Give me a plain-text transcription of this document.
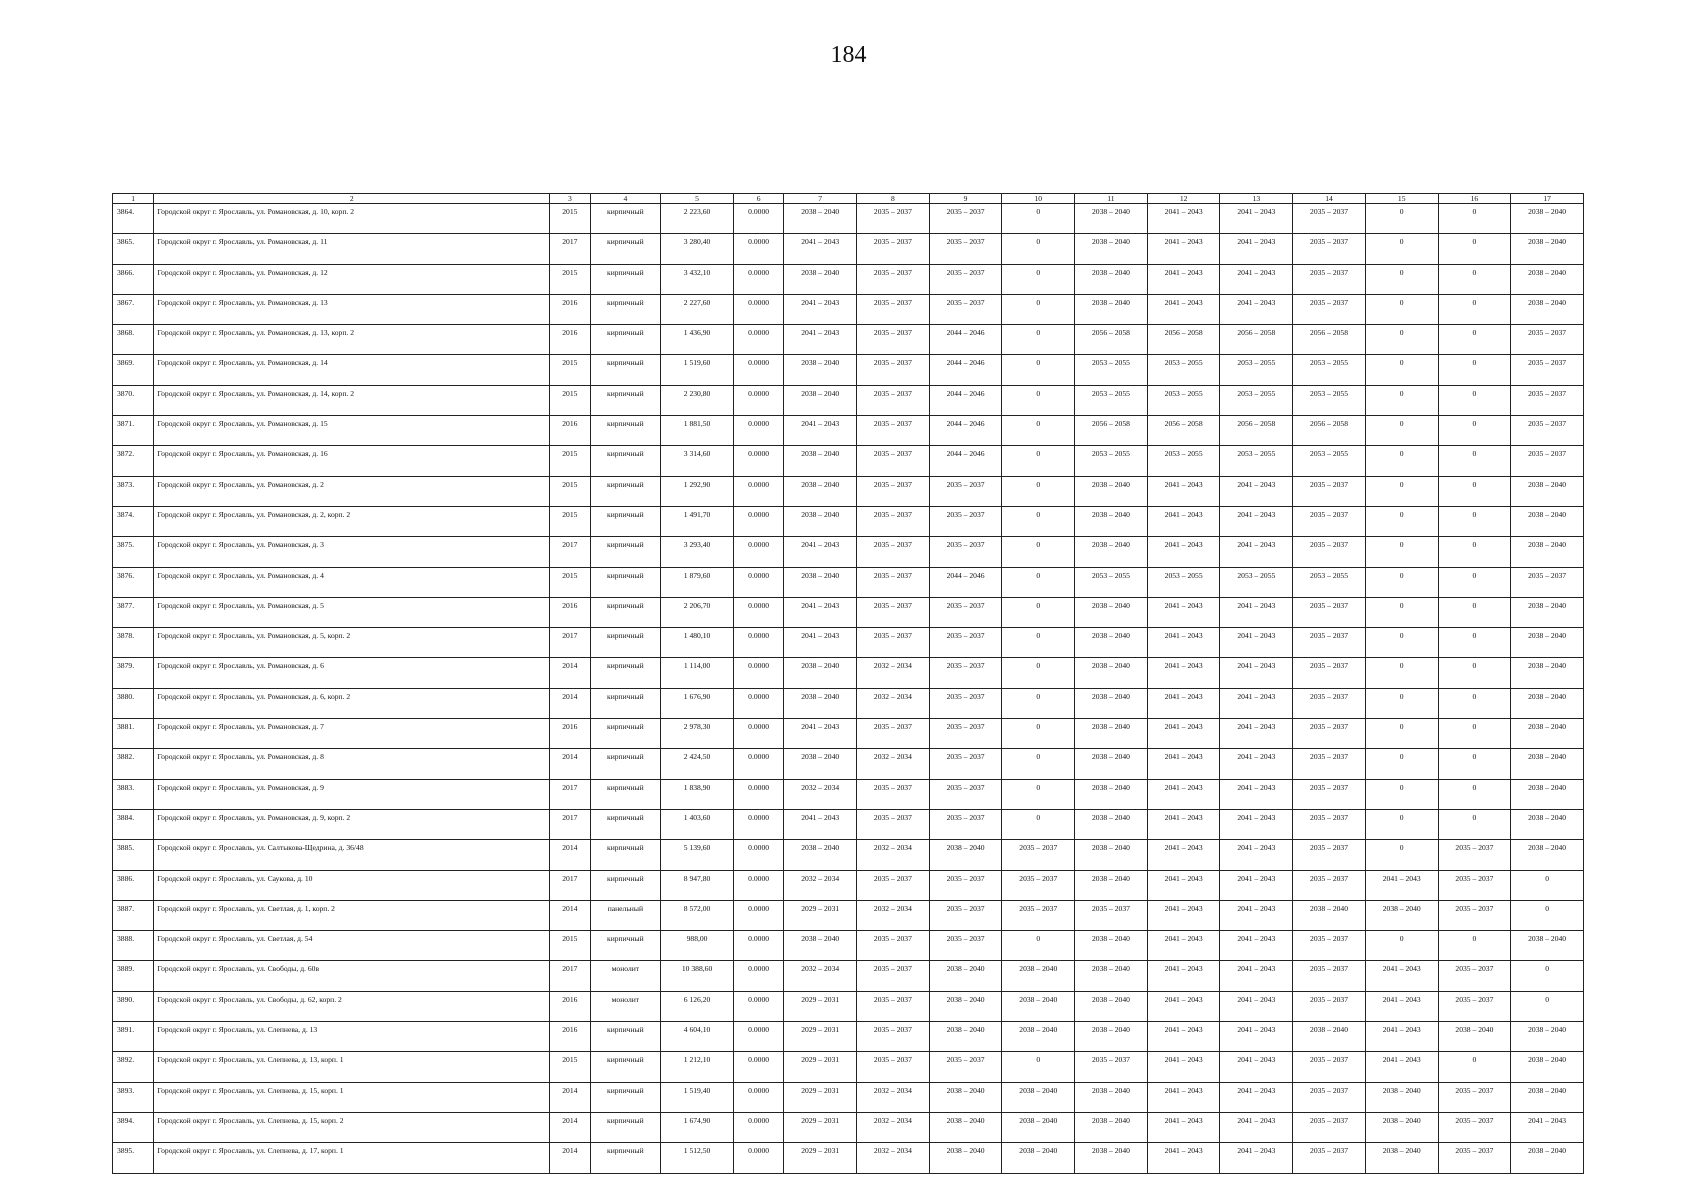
184
1	2	3	4	5	6	7	8	9	10	11	12	13	14	15	16	17
3864.	Городской округ г. Ярославль, ул. Романовская, д. 10, корп. 2	2015	кирпичный	2 223,60	0.0000	2038 – 2040	2035 – 2037	2035 – 2037	0	2038 – 2040	2041 – 2043	2041 – 2043	2035 – 2037	0	0	2038 – 2040
3865.	Городской округ г. Ярославль, ул. Романовская, д. 11	2017	кирпичный	3 280,40	0.0000	2041 – 2043	2035 – 2037	2035 – 2037	0	2038 – 2040	2041 – 2043	2041 – 2043	2035 – 2037	0	0	2038 – 2040
3866.	Городской округ г. Ярославль, ул. Романовская, д. 12	2015	кирпичный	3 432,10	0.0000	2038 – 2040	2035 – 2037	2035 – 2037	0	2038 – 2040	2041 – 2043	2041 – 2043	2035 – 2037	0	0	2038 – 2040
3867.	Городской округ г. Ярославль, ул. Романовская, д. 13	2016	кирпичный	2 227,60	0.0000	2041 – 2043	2035 – 2037	2035 – 2037	0	2038 – 2040	2041 – 2043	2041 – 2043	2035 – 2037	0	0	2038 – 2040
3868.	Городской округ г. Ярославль, ул. Романовская, д. 13, корп. 2	2016	кирпичный	1 436,90	0.0000	2041 – 2043	2035 – 2037	2044 – 2046	0	2056 – 2058	2056 – 2058	2056 – 2058	2056 – 2058	0	0	2035 – 2037
3869.	Городской округ г. Ярославль, ул. Романовская, д. 14	2015	кирпичный	1 519,60	0.0000	2038 – 2040	2035 – 2037	2044 – 2046	0	2053 – 2055	2053 – 2055	2053 – 2055	2053 – 2055	0	0	2035 – 2037
3870.	Городской округ г. Ярославль, ул. Романовская, д. 14, корп. 2	2015	кирпичный	2 230,80	0.0000	2038 – 2040	2035 – 2037	2044 – 2046	0	2053 – 2055	2053 – 2055	2053 – 2055	2053 – 2055	0	0	2035 – 2037
3871.	Городской округ г. Ярославль, ул. Романовская, д. 15	2016	кирпичный	1 881,50	0.0000	2041 – 2043	2035 – 2037	2044 – 2046	0	2056 – 2058	2056 – 2058	2056 – 2058	2056 – 2058	0	0	2035 – 2037
3872.	Городской округ г. Ярославль, ул. Романовская, д. 16	2015	кирпичный	3 314,60	0.0000	2038 – 2040	2035 – 2037	2044 – 2046	0	2053 – 2055	2053 – 2055	2053 – 2055	2053 – 2055	0	0	2035 – 2037
3873.	Городской округ г. Ярославль, ул. Романовская, д. 2	2015	кирпичный	1 292,90	0.0000	2038 – 2040	2035 – 2037	2035 – 2037	0	2038 – 2040	2041 – 2043	2041 – 2043	2035 – 2037	0	0	2038 – 2040
3874.	Городской округ г. Ярославль, ул. Романовская, д. 2, корп. 2	2015	кирпичный	1 491,70	0.0000	2038 – 2040	2035 – 2037	2035 – 2037	0	2038 – 2040	2041 – 2043	2041 – 2043	2035 – 2037	0	0	2038 – 2040
3875.	Городской округ г. Ярославль, ул. Романовская, д. 3	2017	кирпичный	3 293,40	0.0000	2041 – 2043	2035 – 2037	2035 – 2037	0	2038 – 2040	2041 – 2043	2041 – 2043	2035 – 2037	0	0	2038 – 2040
3876.	Городской округ г. Ярославль, ул. Романовская, д. 4	2015	кирпичный	1 879,60	0.0000	2038 – 2040	2035 – 2037	2044 – 2046	0	2053 – 2055	2053 – 2055	2053 – 2055	2053 – 2055	0	0	2035 – 2037
3877.	Городской округ г. Ярославль, ул. Романовская, д. 5	2016	кирпичный	2 206,70	0.0000	2041 – 2043	2035 – 2037	2035 – 2037	0	2038 – 2040	2041 – 2043	2041 – 2043	2035 – 2037	0	0	2038 – 2040
3878.	Городской округ г. Ярославль, ул. Романовская, д. 5, корп. 2	2017	кирпичный	1 480,10	0.0000	2041 – 2043	2035 – 2037	2035 – 2037	0	2038 – 2040	2041 – 2043	2041 – 2043	2035 – 2037	0	0	2038 – 2040
3879.	Городской округ г. Ярославль, ул. Романовская, д. 6	2014	кирпичный	1 114,00	0.0000	2038 – 2040	2032 – 2034	2035 – 2037	0	2038 – 2040	2041 – 2043	2041 – 2043	2035 – 2037	0	0	2038 – 2040
3880.	Городской округ г. Ярославль, ул. Романовская, д. 6, корп. 2	2014	кирпичный	1 676,90	0.0000	2038 – 2040	2032 – 2034	2035 – 2037	0	2038 – 2040	2041 – 2043	2041 – 2043	2035 – 2037	0	0	2038 – 2040
3881.	Городской округ г. Ярославль, ул. Романовская, д. 7	2016	кирпичный	2 978,30	0.0000	2041 – 2043	2035 – 2037	2035 – 2037	0	2038 – 2040	2041 – 2043	2041 – 2043	2035 – 2037	0	0	2038 – 2040
3882.	Городской округ г. Ярославль, ул. Романовская, д. 8	2014	кирпичный	2 424,50	0.0000	2038 – 2040	2032 – 2034	2035 – 2037	0	2038 – 2040	2041 – 2043	2041 – 2043	2035 – 2037	0	0	2038 – 2040
3883.	Городской округ г. Ярославль, ул. Романовская, д. 9	2017	кирпичный	1 838,90	0.0000	2032 – 2034	2035 – 2037	2035 – 2037	0	2038 – 2040	2041 – 2043	2041 – 2043	2035 – 2037	0	0	2038 – 2040
3884.	Городской округ г. Ярославль, ул. Романовская, д. 9, корп. 2	2017	кирпичный	1 403,60	0.0000	2041 – 2043	2035 – 2037	2035 – 2037	0	2038 – 2040	2041 – 2043	2041 – 2043	2035 – 2037	0	0	2038 – 2040
3885.	Городской округ г. Ярославль, ул. Салтыкова-Щедрина, д. 36/48	2014	кирпичный	5 139,60	0.0000	2038 – 2040	2032 – 2034	2038 – 2040	2035 – 2037	2038 – 2040	2041 – 2043	2041 – 2043	2035 – 2037	0	2035 – 2037	2038 – 2040
3886.	Городской округ г. Ярославль, ул. Саукова, д. 10	2017	кирпичный	8 947,80	0.0000	2032 – 2034	2035 – 2037	2035 – 2037	2035 – 2037	2038 – 2040	2041 – 2043	2041 – 2043	2035 – 2037	2041 – 2043	2035 – 2037	0
3887.	Городской округ г. Ярославль, ул. Светлая, д. 1, корп. 2	2014	панельный	8 572,00	0.0000	2029 – 2031	2032 – 2034	2035 – 2037	2035 – 2037	2035 – 2037	2041 – 2043	2041 – 2043	2038 – 2040	2038 – 2040	2035 – 2037	0
3888.	Городской округ г. Ярославль, ул. Светлая, д. 54	2015	кирпичный	988,00	0.0000	2038 – 2040	2035 – 2037	2035 – 2037	0	2038 – 2040	2041 – 2043	2041 – 2043	2035 – 2037	0	0	2038 – 2040
3889.	Городской округ г. Ярославль, ул. Свободы, д. 60в	2017	монолит	10 388,60	0.0000	2032 – 2034	2035 – 2037	2038 – 2040	2038 – 2040	2038 – 2040	2041 – 2043	2041 – 2043	2035 – 2037	2041 – 2043	2035 – 2037	0
3890.	Городской округ г. Ярославль, ул. Свободы, д. 62, корп. 2	2016	монолит	6 126,20	0.0000	2029 – 2031	2035 – 2037	2038 – 2040	2038 – 2040	2038 – 2040	2041 – 2043	2041 – 2043	2035 – 2037	2041 – 2043	2035 – 2037	0
3891.	Городской округ г. Ярославль, ул. Слепнева, д. 13	2016	кирпичный	4 604,10	0.0000	2029 – 2031	2035 – 2037	2038 – 2040	2038 – 2040	2038 – 2040	2041 – 2043	2041 – 2043	2038 – 2040	2041 – 2043	2038 – 2040	2038 – 2040
3892.	Городской округ г. Ярославль, ул. Слепнева, д. 13, корп. 1	2015	кирпичный	1 212,10	0.0000	2029 – 2031	2035 – 2037	2035 – 2037	0	2035 – 2037	2041 – 2043	2041 – 2043	2035 – 2037	2041 – 2043	0	2038 – 2040
3893.	Городской округ г. Ярославль, ул. Слепнева, д. 15, корп. 1	2014	кирпичный	1 519,40	0.0000	2029 – 2031	2032 – 2034	2038 – 2040	2038 – 2040	2038 – 2040	2041 – 2043	2041 – 2043	2035 – 2037	2038 – 2040	2035 – 2037	2038 – 2040
3894.	Городской округ г. Ярославль, ул. Слепнева, д. 15, корп. 2	2014	кирпичный	1 674,90	0.0000	2029 – 2031	2032 – 2034	2038 – 2040	2038 – 2040	2038 – 2040	2041 – 2043	2041 – 2043	2035 – 2037	2038 – 2040	2035 – 2037	2041 – 2043
3895.	Городской округ г. Ярославль, ул. Слепнева, д. 17, корп. 1	2014	кирпичный	1 512,50	0.0000	2029 – 2031	2032 – 2034	2038 – 2040	2038 – 2040	2038 – 2040	2041 – 2043	2041 – 2043	2035 – 2037	2038 – 2040	2035 – 2037	2038 – 2040
